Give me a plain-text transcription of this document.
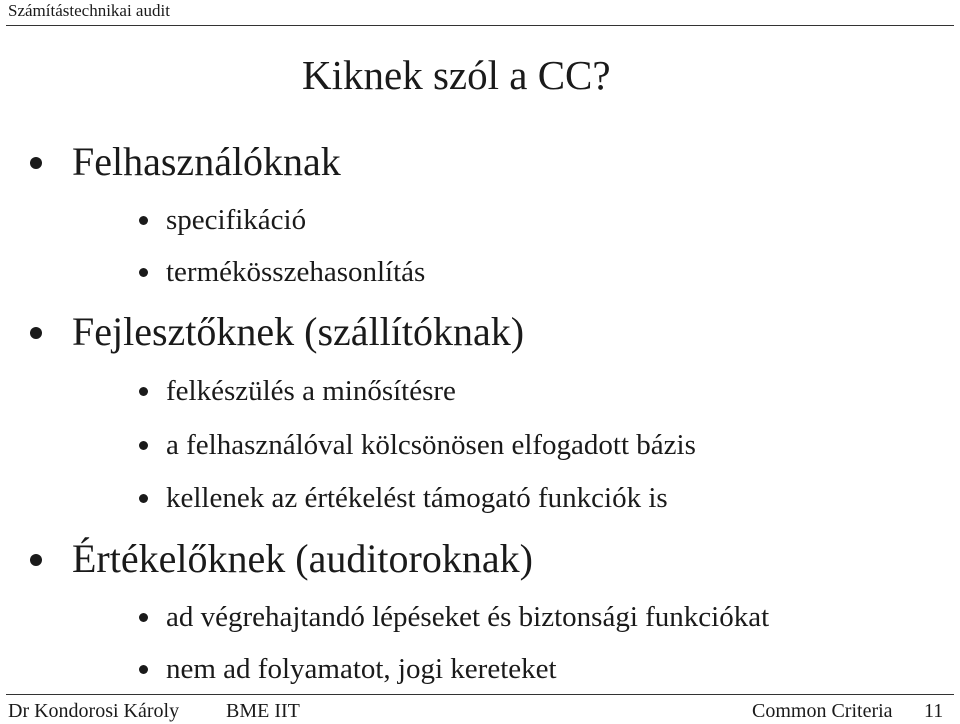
Számítástechnikai audit
Kiknek szól a CC?
Felhasználóknak
specifikáció
termékösszehasonlítás
Fejlesztőknek (szállítóknak)
felkészülés a minősítésre
a felhasználóval kölcsönösen elfogadott bázis
kellenek az értékelést támogató funkciók is
Értékelőknek (auditoroknak)
ad végrehajtandó lépéseket és biztonsági funkciókat
nem ad folyamatot, jogi kereteket
Dr Kondorosi Károly BME IIT	Common Criteria 11
